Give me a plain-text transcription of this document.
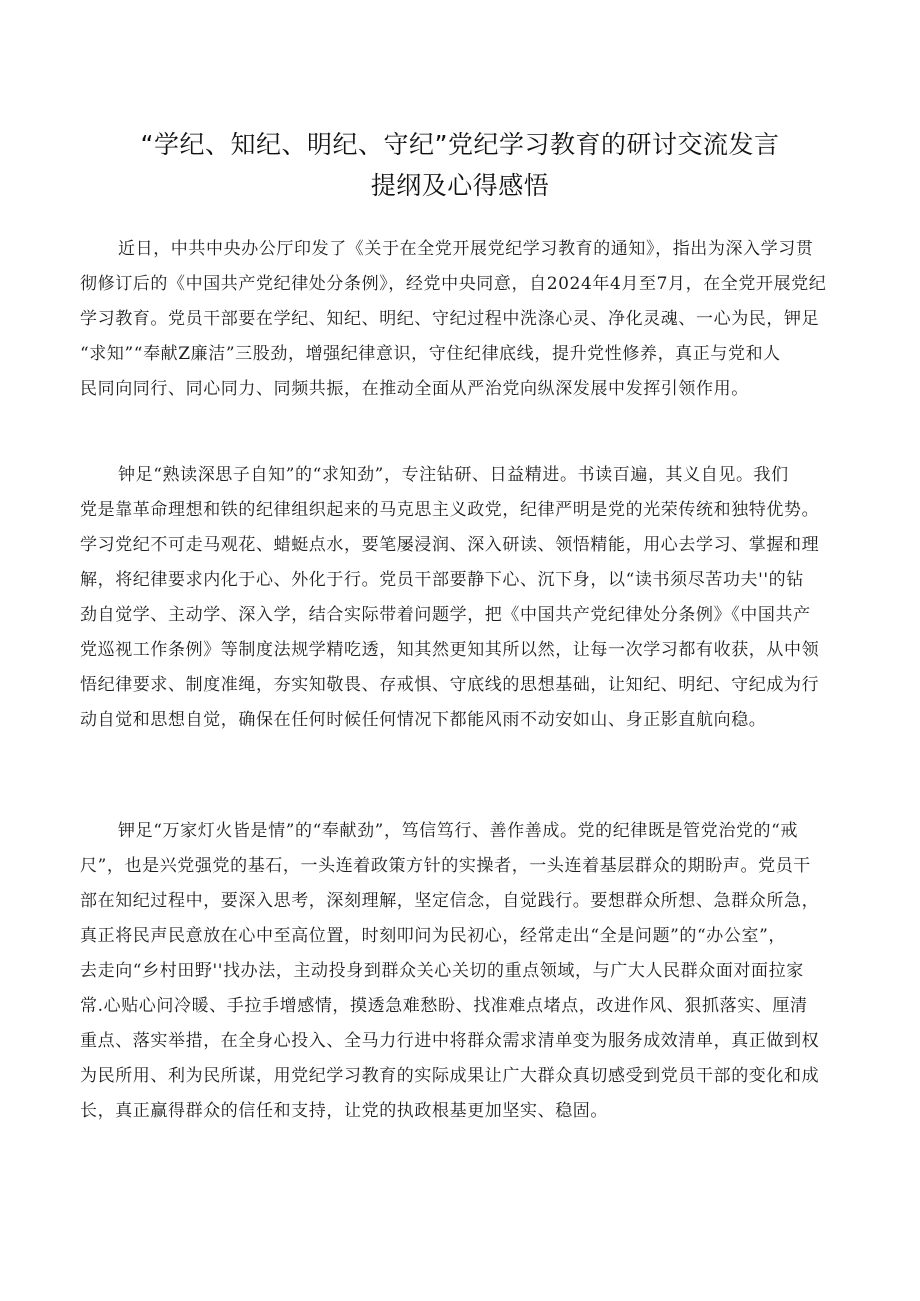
“学纪、知纪、明纪、守纪”党纪学习教育的研讨交流发言
提纲及心得感悟
近日，中共中央办公厅印发了《关于在全党开展党纪学习教育的通知》，指出为深入学习贯
彻修订后的《中国共产党纪律处分条例》，经党中央同意，自2024年4月至7月，在全党开展党纪
学习教育。党员干部要在学纪、知纪、明纪、守纪过程中洗涤心灵、净化灵魂、一心为民，钾足
“求知”“奉献Z廉洁”三股劲，增强纪律意识，守住纪律底线，提升党性修养，真正与党和人
民同向同行、同心同力、同频共振，在推动全面从严治党向纵深发展中发挥引领作用。
钟足“熟读深思子自知”的“求知劲”，专注钻研、日益精进。书读百遍，其义自见。我们
党是靠革命理想和铁的纪律组织起来的马克思主义政党，纪律严明是党的光荣传统和独特优势。
学习党纪不可走马观花、蜡蜓点水，要笔屡浸润、深入研读、领悟精能，用心去学习、掌握和理
解，将纪律要求内化于心、外化于行。党员干部要静下心、沉下身，以“读书须尽苦功夫''的钻
劲自觉学、主动学、深入学，结合实际带着问题学，把《中国共产党纪律处分条例》《中国共产
党巡视工作条例》等制度法规学精吃透，知其然更知其所以然，让每一次学习都有收获，从中领
悟纪律要求、制度准绳，夯实知敬畏、存戒惧、守底线的思想基础，让知纪、明纪、守纪成为行
动自觉和思想自觉，确保在任何时候任何情况下都能风雨不动安如山、身正影直航向稳。
钾足“万家灯火皆是情”的“奉献劲”，笃信笃行、善作善成。党的纪律既是管党治党的“戒
尺”，也是兴党强党的基石，一头连着政策方针的实操者，一头连着基层群众的期盼声。党员干
部在知纪过程中，要深入思考，深刻理解，坚定信念，自觉践行。要想群众所想、急群众所急，
真正将民声民意放在心中至高位置，时刻叩问为民初心，经常走出“全是问题”的“办公室”，
去走向“乡村田野''找办法，主动投身到群众关心关切的重点领域，与广大人民群众面对面拉家
常.心贴心问冷暖、手拉手增感情，摸透急难愁盼、找准难点堵点，改进作风、狠抓落实、厘清
重点、落实举措，在全身心投入、全马力行进中将群众需求清单变为服务成效清单，真正做到权
为民所用、利为民所谋，用党纪学习教育的实际成果让广大群众真切感受到党员干部的变化和成
长，真正赢得群众的信任和支持，让党的执政根基更加坚实、稳固。
